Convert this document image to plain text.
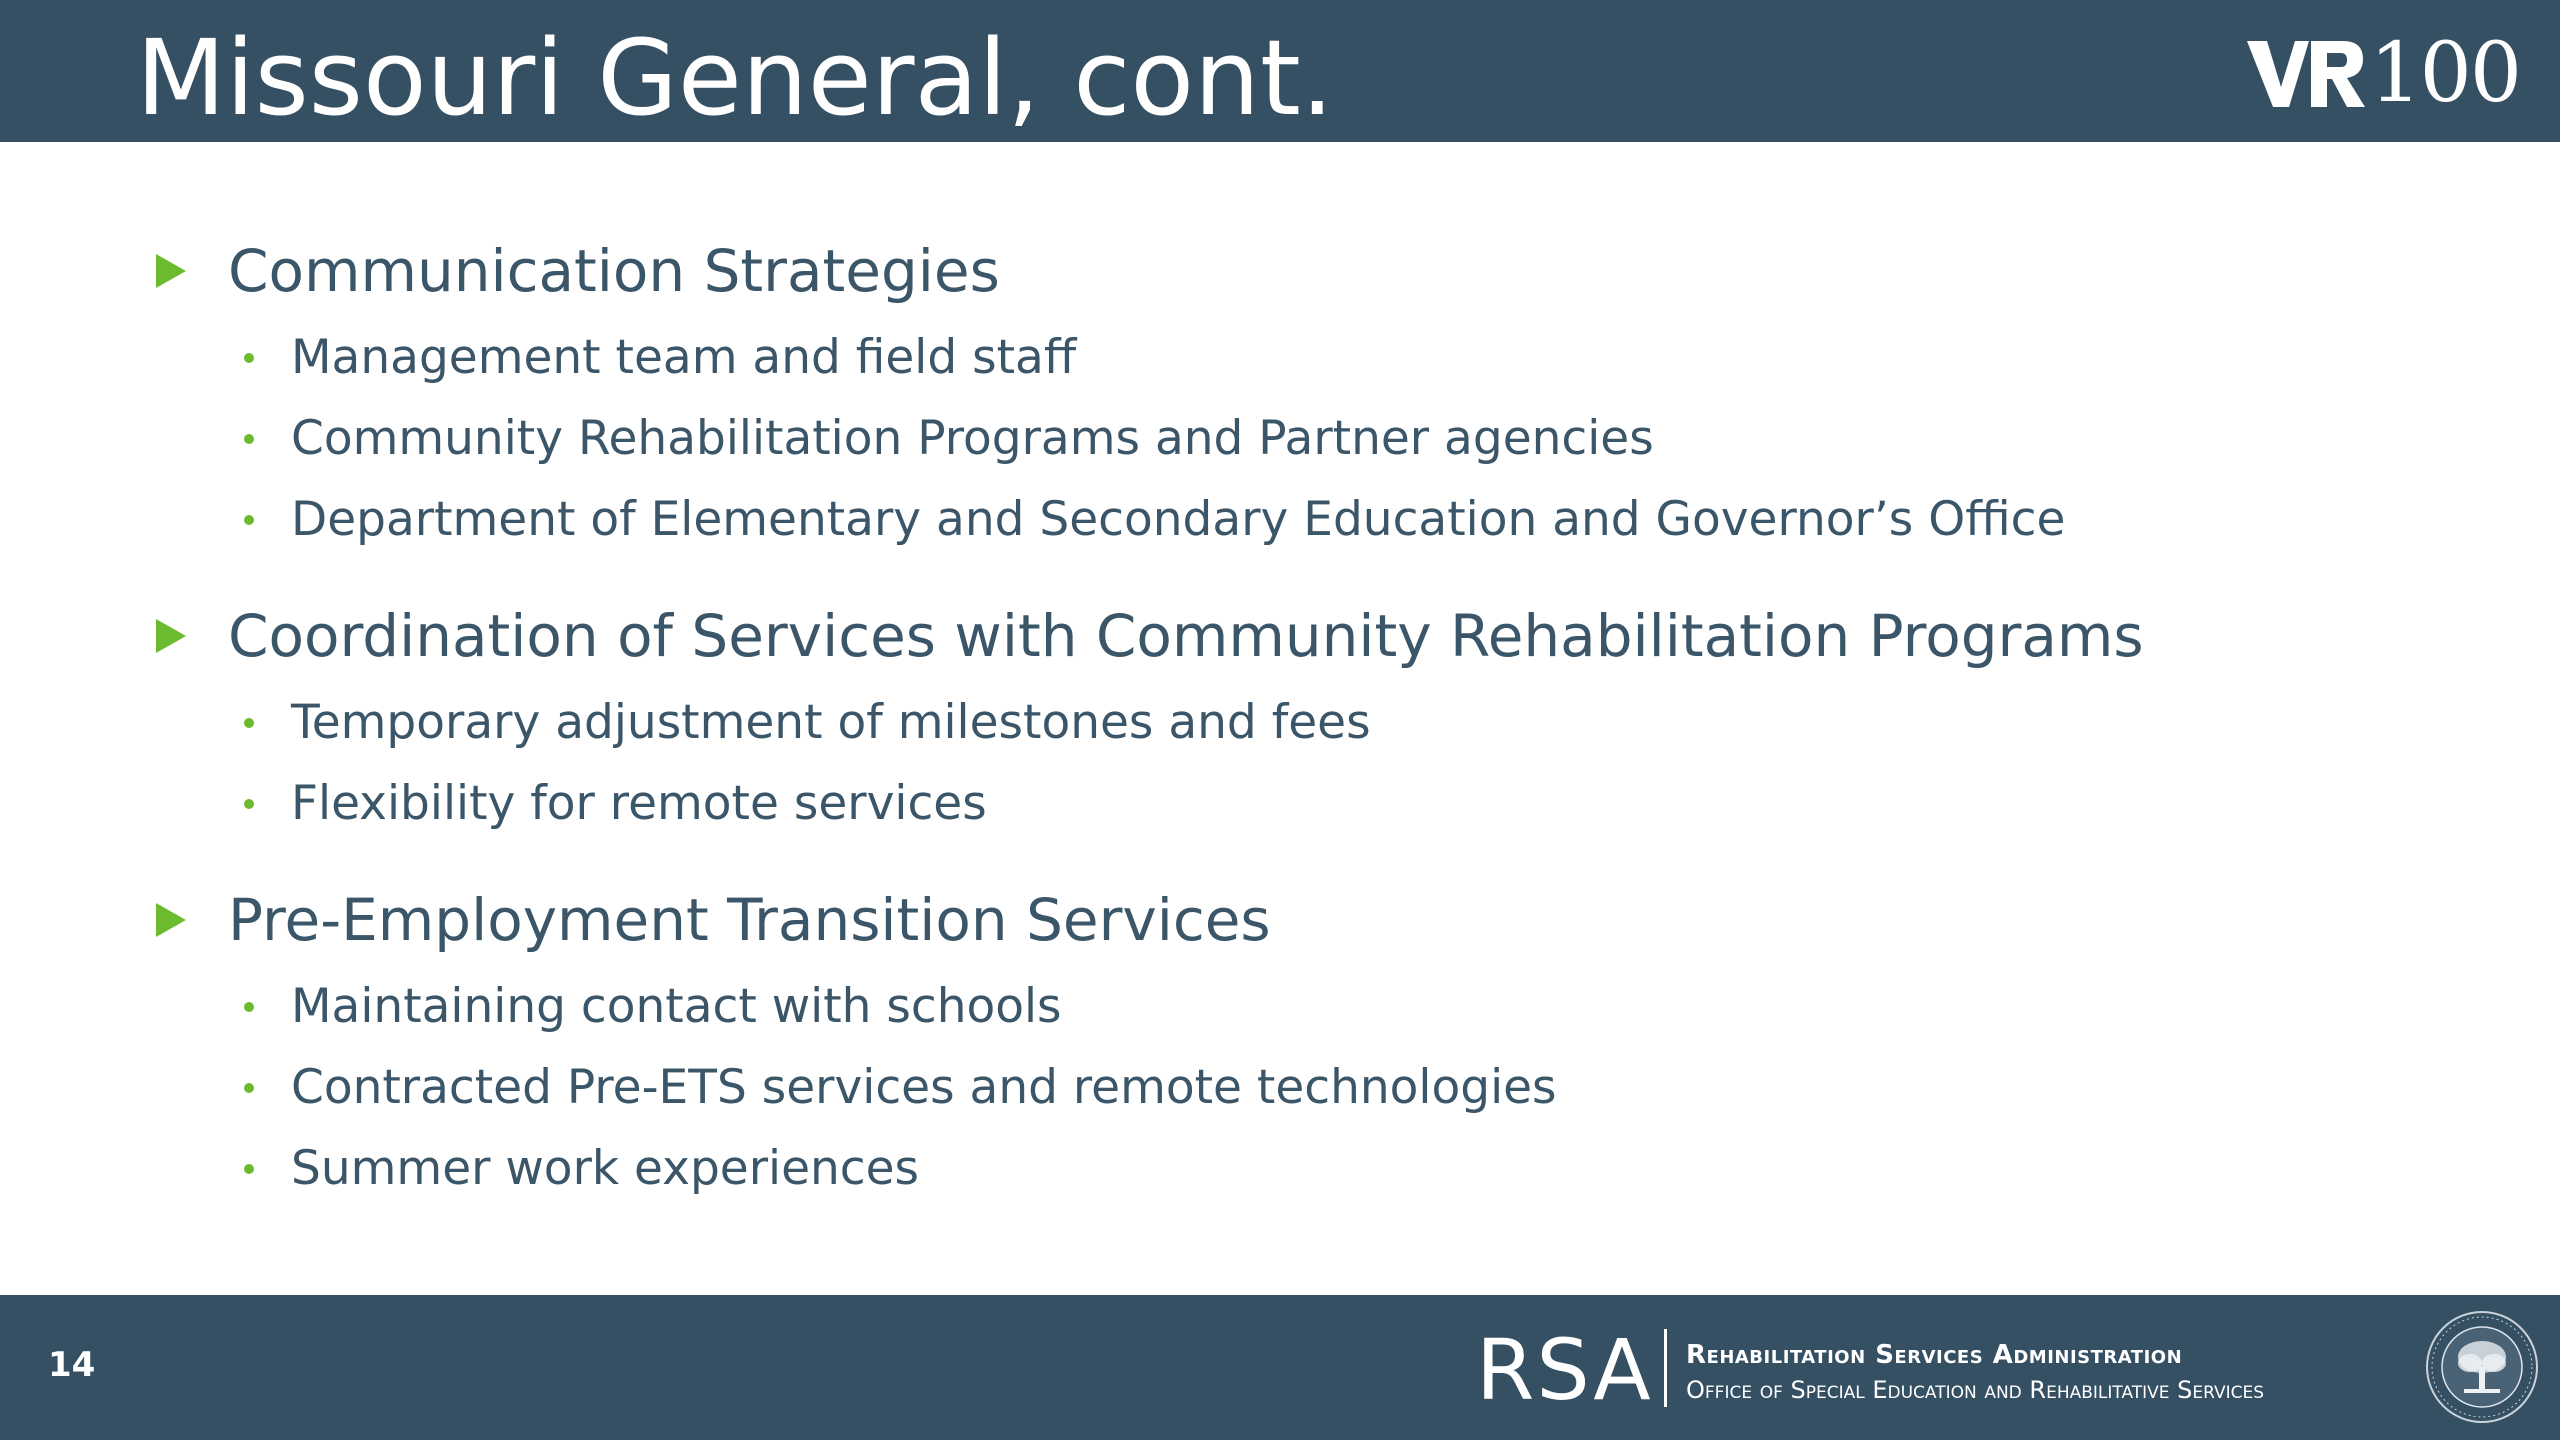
Missouri General, cont.	100
Communication Strategies
Management team and field staff
Community Rehabilitation Programs and Partner agencies
Department of Elementary and Secondary Education and Governor’s Office
Coordination of Services with Community Rehabilitation Programs
Temporary adjustment of milestones and fees
Flexibility for remote services
Pre-Employment Transition Services
Maintaining contact with schools
Contracted Pre-ETS services and remote technologies
Summer work experiences
14	RSA Rehabilitation Services Administration
Office of Special Education and Rehabilitative Services
